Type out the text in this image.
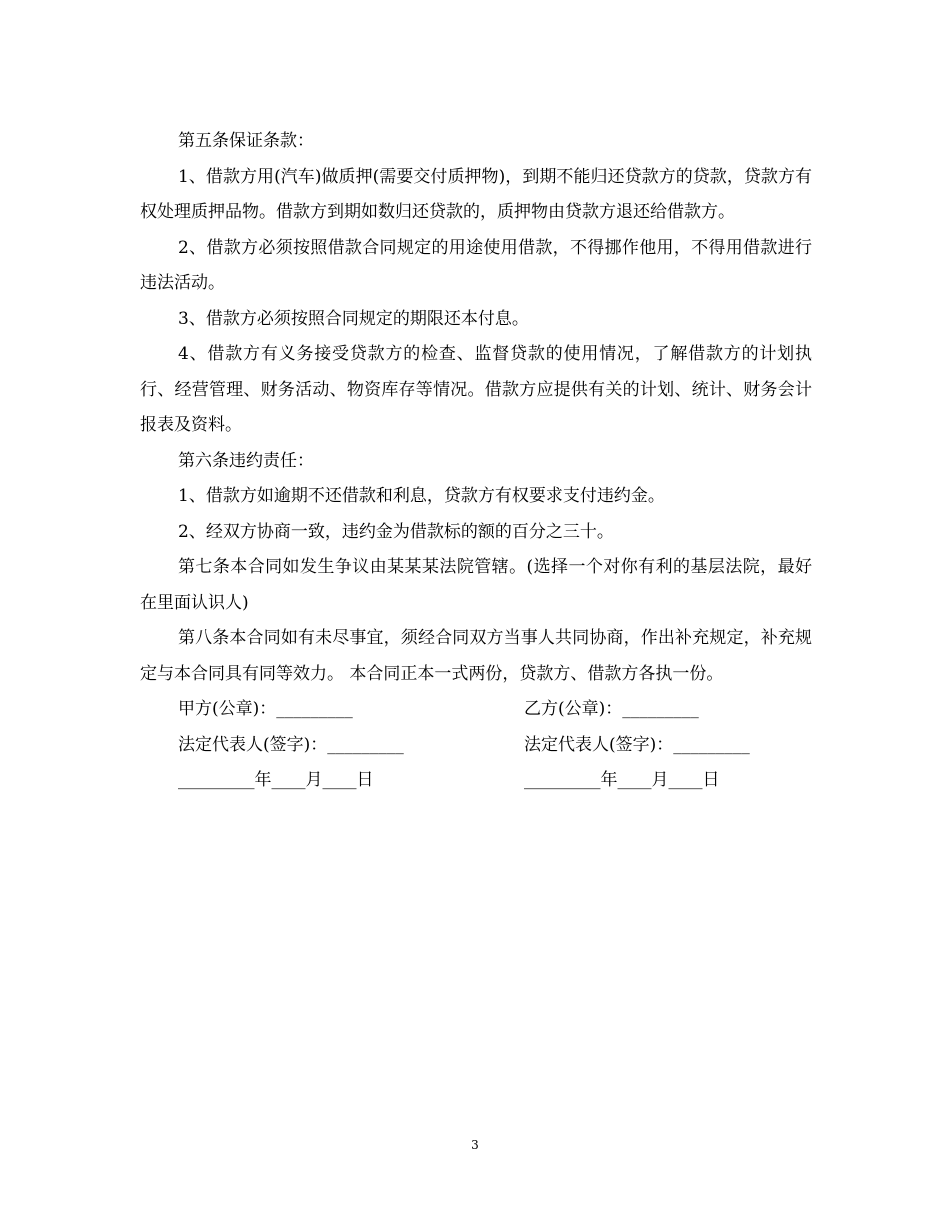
第五条保证条款：

1、借款方用(汽车)做质押(需要交付质押物)，到期不能归还贷款方的贷款，贷款方有权处理质押品物。借款方到期如数归还贷款的，质押物由贷款方退还给借款方。

2、借款方必须按照借款合同规定的用途使用借款，不得挪作他用，不得用借款进行违法活动。

3、借款方必须按照合同规定的期限还本付息。

4、借款方有义务接受贷款方的检查、监督贷款的使用情况，了解借款方的计划执行、经营管理、财务活动、物资库存等情况。借款方应提供有关的计划、统计、财务会计报表及资料。

第六条违约责任：

1、借款方如逾期不还借款和利息，贷款方有权要求支付违约金。

2、经双方协商一致，违约金为借款标的额的百分之三十。

第七条本合同如发生争议由某某某法院管辖。(选择一个对你有利的基层法院，最好在里面认识人)

第八条本合同如有未尽事宜，须经合同双方当事人共同协商，作出补充规定，补充规定与本合同具有同等效力。 本合同正本一式两份，贷款方、借款方各执一份。

甲方(公章)：_________	乙方(公章)：_________
法定代表人(签字)：_________	法定代表人(签字)：_________
_________年____月____日	_________年____月____日
3
